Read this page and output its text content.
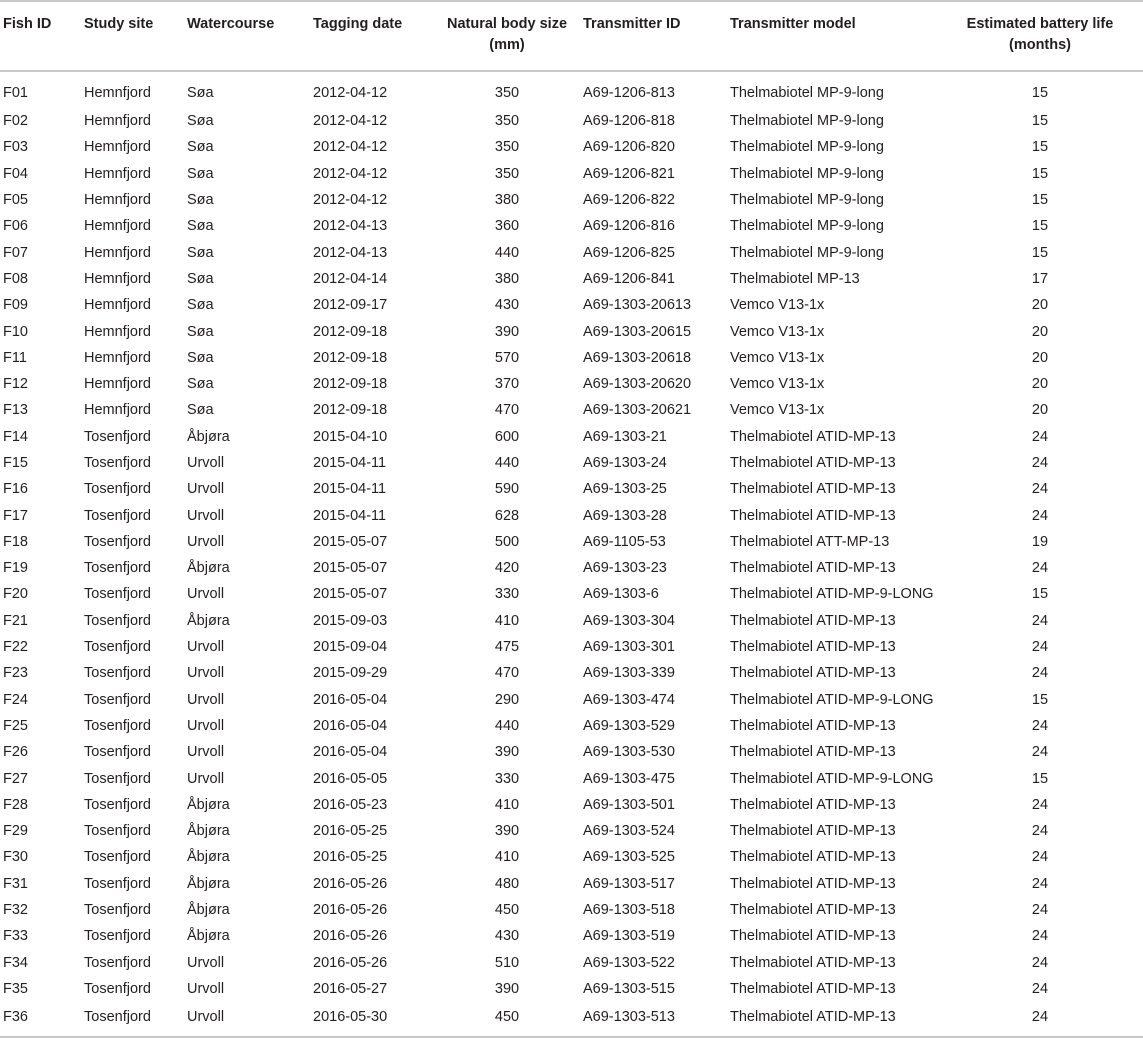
Fish ID	Study site	Watercourse	Tagging date	Natural body size (mm)	Transmitter ID	Transmitter model	Estimated battery life (months)
F01	Hemnfjord	Søa	2012-04-12	350	A69-1206-813	Thelmabiotel MP-9-long	15
F02	Hemnfjord	Søa	2012-04-12	350	A69-1206-818	Thelmabiotel MP-9-long	15
F03	Hemnfjord	Søa	2012-04-12	350	A69-1206-820	Thelmabiotel MP-9-long	15
F04	Hemnfjord	Søa	2012-04-12	350	A69-1206-821	Thelmabiotel MP-9-long	15
F05	Hemnfjord	Søa	2012-04-12	380	A69-1206-822	Thelmabiotel MP-9-long	15
F06	Hemnfjord	Søa	2012-04-13	360	A69-1206-816	Thelmabiotel MP-9-long	15
F07	Hemnfjord	Søa	2012-04-13	440	A69-1206-825	Thelmabiotel MP-9-long	15
F08	Hemnfjord	Søa	2012-04-14	380	A69-1206-841	Thelmabiotel MP-13	17
F09	Hemnfjord	Søa	2012-09-17	430	A69-1303-20613	Vemco V13-1x	20
F10	Hemnfjord	Søa	2012-09-18	390	A69-1303-20615	Vemco V13-1x	20
F11	Hemnfjord	Søa	2012-09-18	570	A69-1303-20618	Vemco V13-1x	20
F12	Hemnfjord	Søa	2012-09-18	370	A69-1303-20620	Vemco V13-1x	20
F13	Hemnfjord	Søa	2012-09-18	470	A69-1303-20621	Vemco V13-1x	20
F14	Tosenfjord	Åbjøra	2015-04-10	600	A69-1303-21	Thelmabiotel ATID-MP-13	24
F15	Tosenfjord	Urvoll	2015-04-11	440	A69-1303-24	Thelmabiotel ATID-MP-13	24
F16	Tosenfjord	Urvoll	2015-04-11	590	A69-1303-25	Thelmabiotel ATID-MP-13	24
F17	Tosenfjord	Urvoll	2015-04-11	628	A69-1303-28	Thelmabiotel ATID-MP-13	24
F18	Tosenfjord	Urvoll	2015-05-07	500	A69-1105-53	Thelmabiotel ATT-MP-13	19
F19	Tosenfjord	Åbjøra	2015-05-07	420	A69-1303-23	Thelmabiotel ATID-MP-13	24
F20	Tosenfjord	Urvoll	2015-05-07	330	A69-1303-6	Thelmabiotel ATID-MP-9-LONG	15
F21	Tosenfjord	Åbjøra	2015-09-03	410	A69-1303-304	Thelmabiotel ATID-MP-13	24
F22	Tosenfjord	Urvoll	2015-09-04	475	A69-1303-301	Thelmabiotel ATID-MP-13	24
F23	Tosenfjord	Urvoll	2015-09-29	470	A69-1303-339	Thelmabiotel ATID-MP-13	24
F24	Tosenfjord	Urvoll	2016-05-04	290	A69-1303-474	Thelmabiotel ATID-MP-9-LONG	15
F25	Tosenfjord	Urvoll	2016-05-04	440	A69-1303-529	Thelmabiotel ATID-MP-13	24
F26	Tosenfjord	Urvoll	2016-05-04	390	A69-1303-530	Thelmabiotel ATID-MP-13	24
F27	Tosenfjord	Urvoll	2016-05-05	330	A69-1303-475	Thelmabiotel ATID-MP-9-LONG	15
F28	Tosenfjord	Åbjøra	2016-05-23	410	A69-1303-501	Thelmabiotel ATID-MP-13	24
F29	Tosenfjord	Åbjøra	2016-05-25	390	A69-1303-524	Thelmabiotel ATID-MP-13	24
F30	Tosenfjord	Åbjøra	2016-05-25	410	A69-1303-525	Thelmabiotel ATID-MP-13	24
F31	Tosenfjord	Åbjøra	2016-05-26	480	A69-1303-517	Thelmabiotel ATID-MP-13	24
F32	Tosenfjord	Åbjøra	2016-05-26	450	A69-1303-518	Thelmabiotel ATID-MP-13	24
F33	Tosenfjord	Åbjøra	2016-05-26	430	A69-1303-519	Thelmabiotel ATID-MP-13	24
F34	Tosenfjord	Urvoll	2016-05-26	510	A69-1303-522	Thelmabiotel ATID-MP-13	24
F35	Tosenfjord	Urvoll	2016-05-27	390	A69-1303-515	Thelmabiotel ATID-MP-13	24
F36	Tosenfjord	Urvoll	2016-05-30	450	A69-1303-513	Thelmabiotel ATID-MP-13	24
